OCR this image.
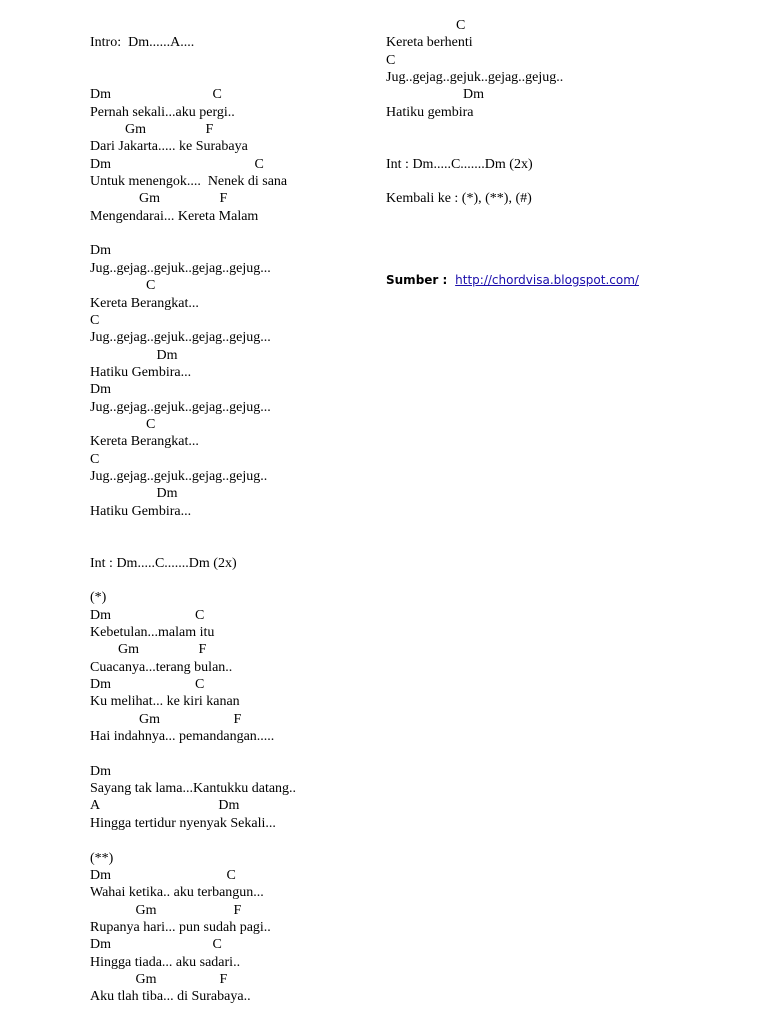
Intro:  Dm......A....
Dm                             C
Pernah sekali...aku pergi..
Gm                 F
Dari Jakarta..... ke Surabaya
Dm                                         C
Untuk menengok....  Nenek di sana
Gm                 F
Mengendarai... Kereta Malam
Dm
Jug..gejag..gejuk..gejag..gejug...
C
Kereta Berangkat...
C
Jug..gejag..gejuk..gejag..gejug...
Dm
Hatiku Gembira...
Dm
Jug..gejag..gejuk..gejag..gejug...
C
Kereta Berangkat...
C
Jug..gejag..gejuk..gejag..gejug..
Dm
Hatiku Gembira...
Int : Dm.....C.......Dm (2x)
(*)
Dm                        C
Kebetulan...malam itu
Gm                 F
Cuacanya...terang bulan..
Dm                        C
Ku melihat... ke kiri kanan
Gm                     F
Hai indahnya... pemandangan.....
Dm
Sayang tak lama...Kantukku datang..
A                                  Dm
Hingga tertidur nyenyak Sekali...
(**)
Dm                                 C
Wahai ketika.. aku terbangun...
Gm                      F
Rupanya hari... pun sudah pagi..
Dm                             C
Hingga tiada... aku sadari..
Gm                  F
Aku tlah tiba... di Surabaya..
C
Kereta berhenti
C
Jug..gejag..gejuk..gejag..gejug..
Dm
Hatiku gembira
Int : Dm.....C.......Dm (2x)
Kembali ke : (*), (**), (#)
Sumber : http://chordvisa.blogspot.com/
